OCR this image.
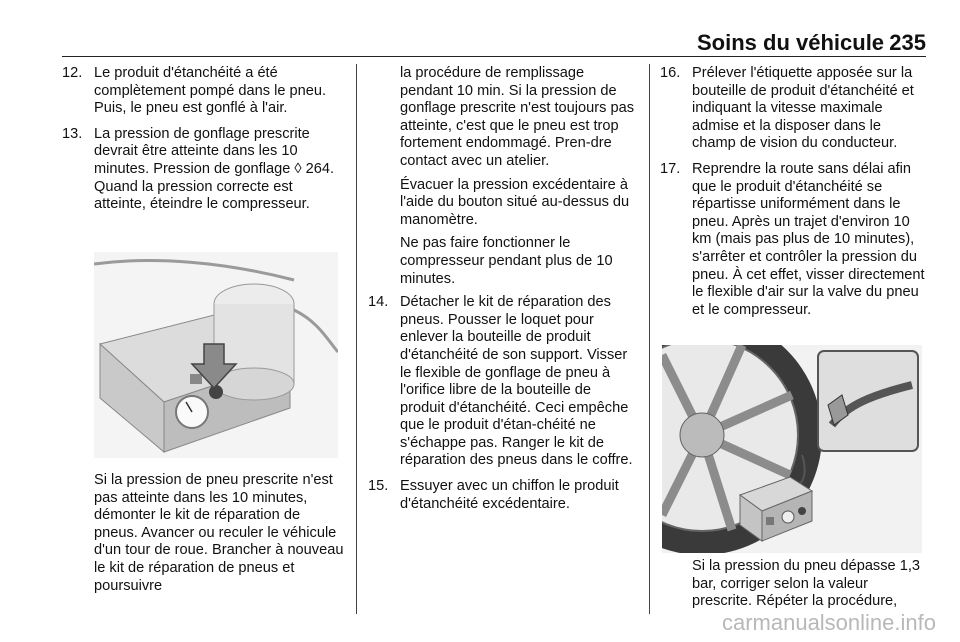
Soins du véhicule 235
12. Le produit d'étanchéité a été complètement pompé dans le pneu. Puis, le pneu est gonflé à l'air.
13. La pression de gonflage prescrite devrait être atteinte dans les 10 minutes. Pression de gonflage ◊ 264. Quand la pression correcte est atteinte, éteindre le compresseur.

Si la pression de pneu prescrite n'est pas atteinte dans les 10 minutes, démonter le kit de réparation de pneus. Avancer ou reculer le véhicule d'un tour de roue. Brancher à nouveau le kit de réparation de pneus et poursuivre

la procédure de remplissage pendant 10 min. Si la pression de gonflage prescrite n'est toujours pas atteinte, c'est que le pneu est trop fortement endommagé. Pren-dre contact avec un atelier.

Évacuer la pression excédentaire à l'aide du bouton situé au-dessus du manomètre.

Ne pas faire fonctionner le compresseur pendant plus de 10 minutes.

14. Détacher le kit de réparation des pneus. Pousser le loquet pour enlever la bouteille de produit d'étanchéité de son support. Visser le flexible de gonflage de pneu à l'orifice libre de la bouteille de produit d'étanchéité. Ceci empêche que le produit d'étan-chéité ne s'échappe pas. Ranger le kit de réparation des pneus dans le coffre.
15. Essuyer avec un chiffon le produit d'étanchéité excédentaire.
16. Prélever l'étiquette apposée sur la bouteille de produit d'étanchéité et indiquant la vitesse maximale admise et la disposer dans le champ de vision du conducteur.
17. Reprendre la route sans délai afin que le produit d'étanchéité se répartisse uniformément dans le pneu. Après un trajet d'environ 10 km (mais pas plus de 10 minutes), s'arrêter et contrôler la pression du pneu. À cet effet, visser directement le flexible d'air sur la valve du pneu et le compresseur.

Si la pression du pneu dépasse 1,3 bar, corriger selon la valeur prescrite. Répéter la procédure,

carmanualsonline.info
